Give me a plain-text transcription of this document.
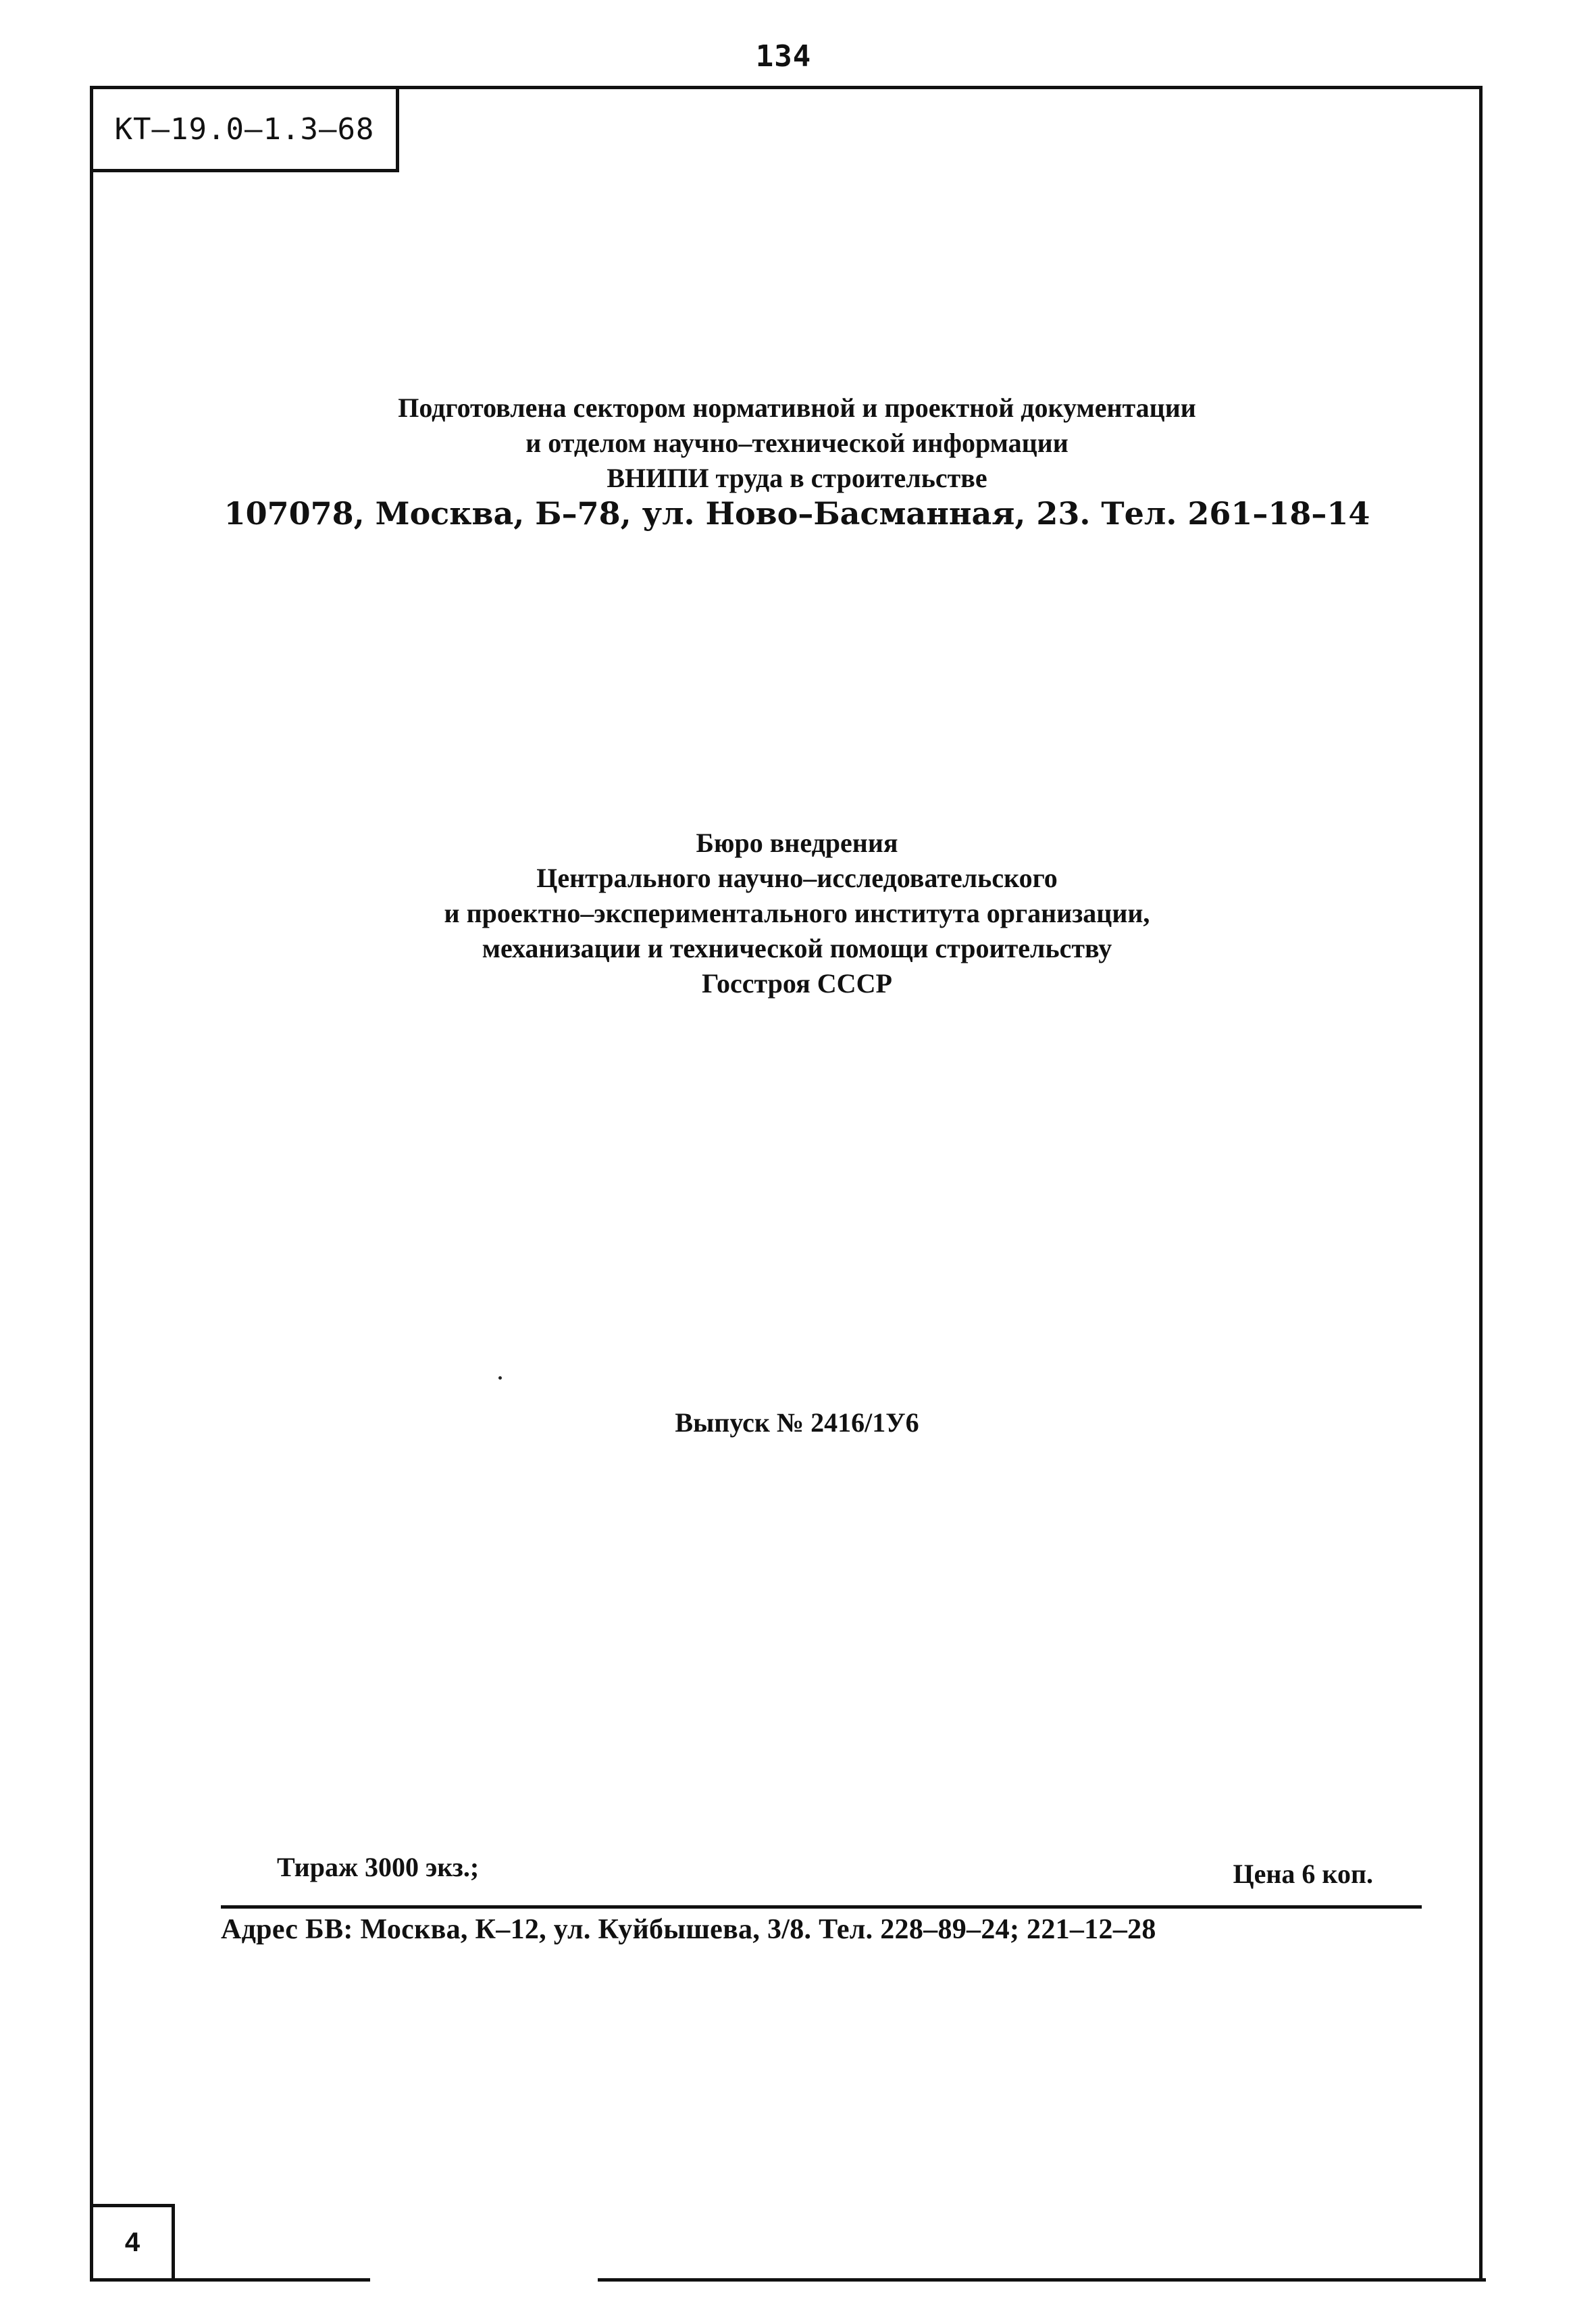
134
КТ–19.0–1.3–68
Подготовлена сектором нормативной и проектной документации
и отделом научно–технической информации
ВНИПИ труда в строительстве
107078, Москва, Б–78, ул. Ново–Басманная, 23. Тел. 261–18–14
Бюро внедрения
Центрального научно–исследовательского
и проектно–экспериментального института организации,
механизации и технической помощи строительству
Госстроя СССР
Выпуск № 2416/1У6
Тираж 3000 экз.;	Цена 6 коп.
Адрес БВ: Москва, К–12, ул. Куйбышева, 3/8. Тел. 228–89–24; 221–12–28
4
